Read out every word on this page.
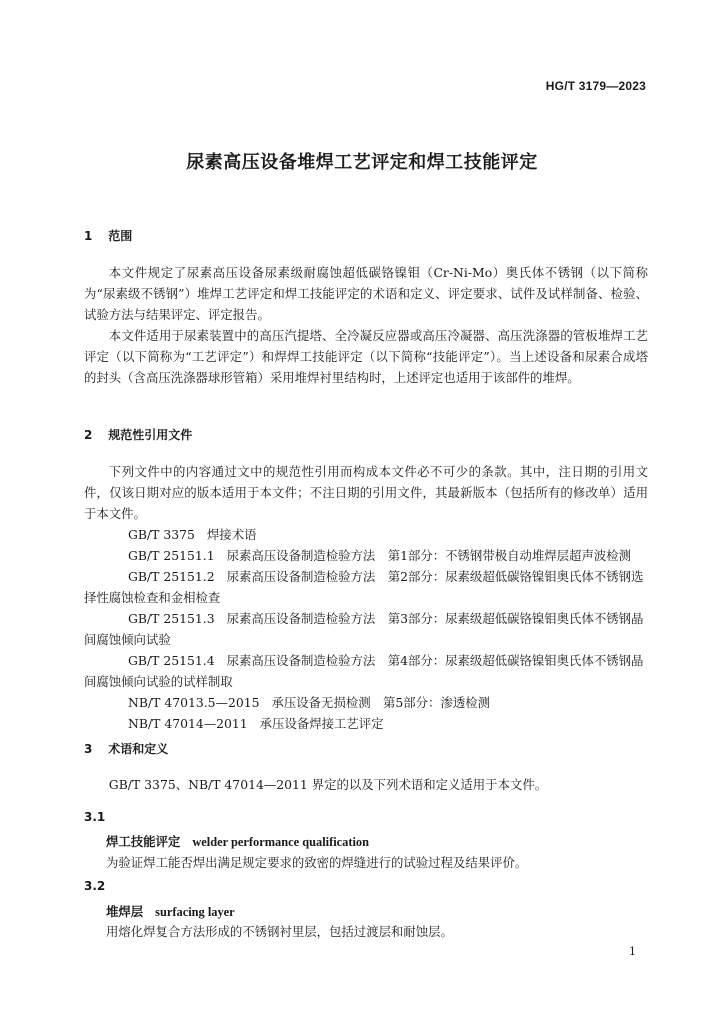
HG/T 3179—2023
尿素高压设备堆焊工艺评定和焊工技能评定
1 范围
本文件规定了尿素高压设备尿素级耐腐蚀超低碳铬镍钼（Cr-Ni-Mo）奥氏体不锈钢（以下简称为“尿素级不锈钢”）堆焊工艺评定和焊工技能评定的术语和定义、评定要求、试件及试样制备、检验、试验方法与结果评定、评定报告。
本文件适用于尿素装置中的高压汽提塔、全冷凝反应器或高压冷凝器、高压洗涤器的管板堆焊工艺评定（以下简称为“工艺评定”）和焊焊工技能评定（以下简称“技能评定”）。当上述设备和尿素合成塔的封头（含高压洗涤器球形管箱）采用堆焊衬里结构时，上述评定也适用于该部件的堆焊。
2 规范性引用文件
下列文件中的内容通过文中的规范性引用而构成本文件必不可少的条款。其中，注日期的引用文件，仅该日期对应的版本适用于本文件；不注日期的引用文件，其最新版本（包括所有的修改单）适用于本文件。
GB/T 3375 焊接术语
GB/T 25151.1 尿素高压设备制造检验方法　第1部分：不锈钢带极自动堆焊层超声波检测
GB/T 25151.2 尿素高压设备制造检验方法　第2部分：尿素级超低碳铬镍钼奥氏体不锈钢选择性腐蚀检查和金相检查
GB/T 25151.3 尿素高压设备制造检验方法　第3部分：尿素级超低碳铬镍钼奥氏体不锈钢晶间腐蚀倾向试验
GB/T 25151.4 尿素高压设备制造检验方法　第4部分：尿素级超低碳铬镍钼奥氏体不锈钢晶间腐蚀倾向试验的试样制取
NB/T 47013.5—2015 承压设备无损检测　第5部分：渗透检测
NB/T 47014—2011 承压设备焊接工艺评定
3 术语和定义
GB/T 3375、NB/T 47014—2011 界定的以及下列术语和定义适用于本文件。
3.1
焊工技能评定 welder performance qualification
为验证焊工能否焊出满足规定要求的致密的焊缝进行的试验过程及结果评价。
3.2
堆焊层 surfacing layer
用熔化焊复合方法形成的不锈钢衬里层，包括过渡层和耐蚀层。
1
